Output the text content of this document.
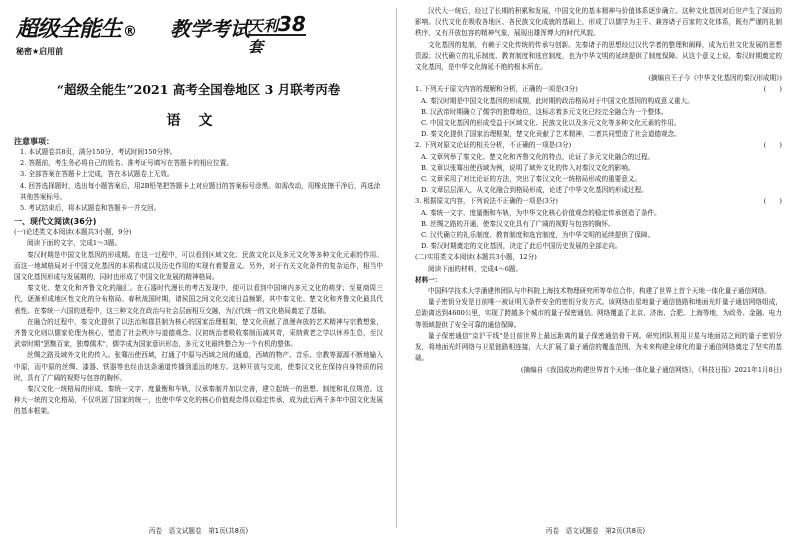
超级全能生 ® 教学考试
天利38套
秘密★启用前
“超级全能生”2021 高考全国卷地区 3 月联考丙卷
语文
注意事项：
1. 本试题卷共8页，满分150分，考试时间150分钟。
2. 答题前，考生务必将自己的姓名、准考证号填写在答题卡的相应位置。
3. 全部答案在答题卡上完成，答在本试题卷上无效。
4. 回答选择题时，选出每小题答案后，用2B铅笔把答题卡上对应题目的答案标号涂黑。如需改动，用橡皮擦干净后，再选涂其他答案标号。
5. 考试结束后，将本试题卷和答题卡一并交回。
一、现代文阅读(36分)
(一)论述类文本阅读(本题共3小题，9分)
阅读下面的文字，完成1～3题。

秦汉时期是中国文化基因的形成期。在这一过程中，可以看到区域文化、民族文化以及多元文化等多种文化元素的作用。而这一地域格局对于中国文化基因的本质构成以及历史作用的实现有着要意义。另外，对于有关文化条件的复杂运作，相当中国文化基因形成与发展期的，同时也形成了中国文化发展的精神格局。

秦文化、楚文化和齐鲁文化的融汇。在石器时代漫长的考古发现中，便可以看到中国境内多元文化的萌芽；至夏商周三代，逐渐形成地区性文化的分布格局。春秋战国时期，诸侯国之间文化交流日益频繁，其中秦文化、楚文化和齐鲁文化最具代表性。在秦统一六国的进程中，这三种文化在政治与社会层面相互交融，为汉代统一的文化格局奠定了基础。

在融合的过程中，秦文化提供了以法治和郡县制为核心的国家治理框架，楚文化贡献了浪漫奔放的艺术精神与宗教想象，齐鲁文化则以儒家伦理为核心，塑造了社会秩序与道德观念。汉初统治者吸收秦制而减其苛，采纳黄老之学以休养生息，至汉武帝时期"罢黜百家，独尊儒术"，儒学成为国家意识形态，多元文化最终整合为一个有机的整体。

丝绸之路及域外文化的传入。张骞出使西域，打通了中原与西域之间的通道，西域的物产、音乐、宗教等源源不断地输入中原，而中原的丝绸、漆器、铁器等也经由这条通道传播到遥远的地方。这种开放与交流，使秦汉文化在保持自身特质的同时，具有了广阔的视野与包容的胸怀。

秦汉文化一统格局的形成。秦统一文字、度量衡和车轨，汉承秦制并加以完善，建立起统一的思想、制度和礼仪规范。这种大一统的文化格局，不仅巩固了国家的统一，也使中华文化的核心价值观念得以稳定传承，成为此后两千多年中国文化发展的基本框架。

丙卷　语文试题卷　第1页(共8页)

汉代大一统后，经过了长期的积累和发展，中国文化的基本精神与价值体系逐步确立。这种文化基因对后世产生了深远的影响。汉代文化在吸收各地区、各民族文化成就的基础上，形成了以儒学为主干、兼容诸子百家的文化体系，既有严谨的礼制秩序，又有开放包容的精神气象，展现出雄浑博大的时代风貌。

文化基因的复制，有赖于文化传统的传承与创新。先秦诸子的思想经过汉代学者的整理和阐释，成为后世文化发展的思想资源；汉代确立的礼乐制度、教育制度和选官制度，也为中华文明的延续提供了制度保障。从这个意义上说，秦汉时期奠定的文化基因，是中华文化绵延不绝的根本所在。

(摘编自王子今《中华文化基因的秦汉形成期》)

1. 下列关于原文内容的理解和分析，正确的一项是(3分)	(　　)
A. 秦汉时期是中国文化基因的形成期，此时期的政治格局对于中国文化基因的构成意义重大。
B. 汉武帝时期确立了儒学的独尊地位，这标志着多元文化已经完全融合为一个整体。
C. 中国文化基因的形成受益于区域文化、民族文化以及多元文化等多种文化元素的作用。
D. 秦文化提供了国家治理框架，楚文化贡献了艺术精神，二者共同塑造了社会道德观念。
2. 下列对原文论证的相关分析，不正确的一项是(3分)	(　　)
A. 文章列举了秦文化、楚文化和齐鲁文化的特点，论证了多元文化融合的过程。
B. 文章以张骞出使西域为例，说明了域外文化的传入对秦汉文化的影响。
C. 文章采用了对比论证的方法，突出了秦汉文化一统格局形成的重要意义。
D. 文章层层深入，从文化融合到格局形成，论述了中华文化基因的形成过程。
3. 根据原文内容，下列说法不正确的一项是(3分)	(　　)
A. 秦统一文字、度量衡和车轨，为中华文化核心价值观念的稳定传承创造了条件。
B. 丝绸之路的开通，使秦汉文化具有了广阔的视野与包容的胸怀。
C. 汉代确立的礼乐制度、教育制度和选官制度，为中华文明的延续提供了保障。
D. 秦汉时期奠定的文化基因，决定了此后中国历史发展的全部走向。
(二)实用类文本阅读(本题共3小题，12分)
阅读下面的材料，完成4～6题。
材料一：

中国科学技术大学潘建伟团队与中科院上海技术物理研究所等单位合作，构建了世界上首个天地一体化量子通信网络。

量子密钥分发是目前唯一被证明无条件安全的密钥分发方式。该网络由星地量子通信链路和地面光纤量子通信网络组成，总距离达到4600公里，实现了跨越多个城市的量子保密通信。网络覆盖了北京、济南、合肥、上海等地，为政务、金融、电力等领域提供了安全可靠的通信保障。

量子保密通信"京沪干线"是目前世界上最远距离的量子保密通信骨干网。研究团队利用卫星与地面站之间的量子密钥分发，将地面光纤网络与卫星链路相连接，大大扩展了量子通信的覆盖范围，为未来构建全球化的量子通信网络奠定了坚实的基础。

(摘编自《我国成功构建世界首个天地一体化量子通信网络》，《科技日报》2021年1月8日)

丙卷　语文试题卷　第2页(共8页)
